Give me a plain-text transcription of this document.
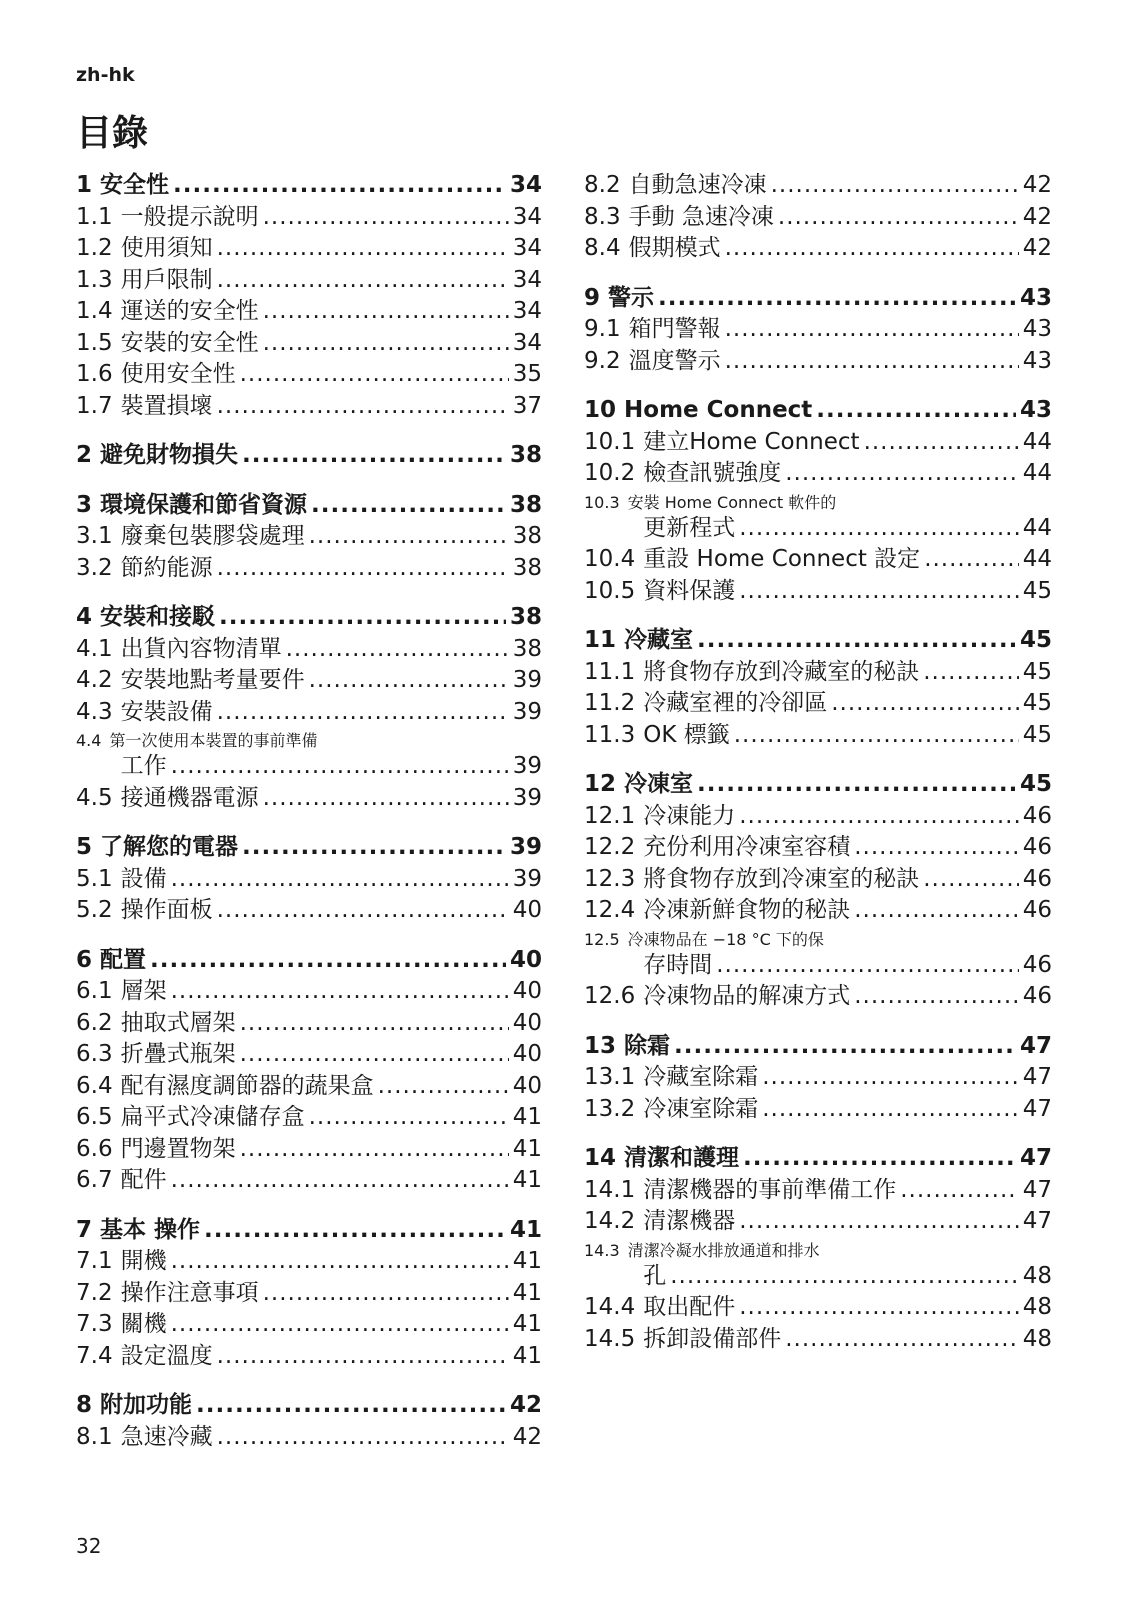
zh-hk
目錄
1 安全性 .....	34
1.1 一般提示說明 .....	34
1.2 使用須知 .....	34
1.3 用戶限制 .....	34
1.4 運送的安全性 .....	34
1.5 安裝的安全性 .....	34
1.6 使用安全性 .....	35
1.7 裝置損壞 .....	37
2 避免財物損失 .....	38
3 環境保護和節省資源 .....	38
3.1 廢棄包裝膠袋處理 .....	38
3.2 節約能源 .....	38
4 安裝和接駁 .....	38
4.1 出貨內容物清單 .....	38
4.2 安裝地點考量要件 .....	39
4.3 安裝設備 .....	39
4.4 第一次使用本裝置的事前準備
工作 .....	39
4.5 接通機器電源 .....	39
5 了解您的電器 .....	39
5.1 設備 .....	39
5.2 操作面板 .....	40
6 配置 .....	40
6.1 層架 .....	40
6.2 抽取式層架 .....	40
6.3 折疊式瓶架 .....	40
6.4 配有濕度調節器的蔬果盒 .....	40
6.5 扁平式冷凍儲存盒 .....	41
6.6 門邊置物架 .....	41
6.7 配件 .....	41
7 基本 操作 .....	41
7.1 開機 .....	41
7.2 操作注意事項 .....	41
7.3 關機 .....	41
7.4 設定溫度 .....	41
8 附加功能 .....	42
8.1 急速冷藏 .....	42
8.2 自動急速冷凍 .....	42
8.3 手動 急速冷凍 .....	42
8.4 假期模式 .....	42
9 警示 .....	43
9.1 箱門警報 .....	43
9.2 溫度警示 .....	43
10 Home Connect .....	43
10.1 建立Home Connect .....	44
10.2 檢查訊號強度 .....	44
10.3 安裝 Home Connect 軟件的
更新程式 .....	44
10.4 重設 Home Connect 設定 .....	44
10.5 資料保護 .....	45
11 冷藏室 .....	45
11.1 將食物存放到冷藏室的秘訣 .....	45
11.2 冷藏室裡的冷卻區 .....	45
11.3 OK 標籤 .....	45
12 冷凍室 .....	45
12.1 冷凍能力 .....	46
12.2 充份利用冷凍室容積 .....	46
12.3 將食物存放到冷凍室的秘訣 .....	46
12.4 冷凍新鮮食物的秘訣 .....	46
12.5 冷凍物品在 −18 °C 下的保
存時間 .....	46
12.6 冷凍物品的解凍方式 .....	46
13 除霜 .....	47
13.1 冷藏室除霜 .....	47
13.2 冷凍室除霜 .....	47
14 清潔和護理 .....	47
14.1 清潔機器的事前準備工作 .....	47
14.2 清潔機器 .....	47
14.3 清潔冷凝水排放通道和排水
孔 .....	48
14.4 取出配件 .....	48
14.5 拆卸設備部件 .....	48
32
